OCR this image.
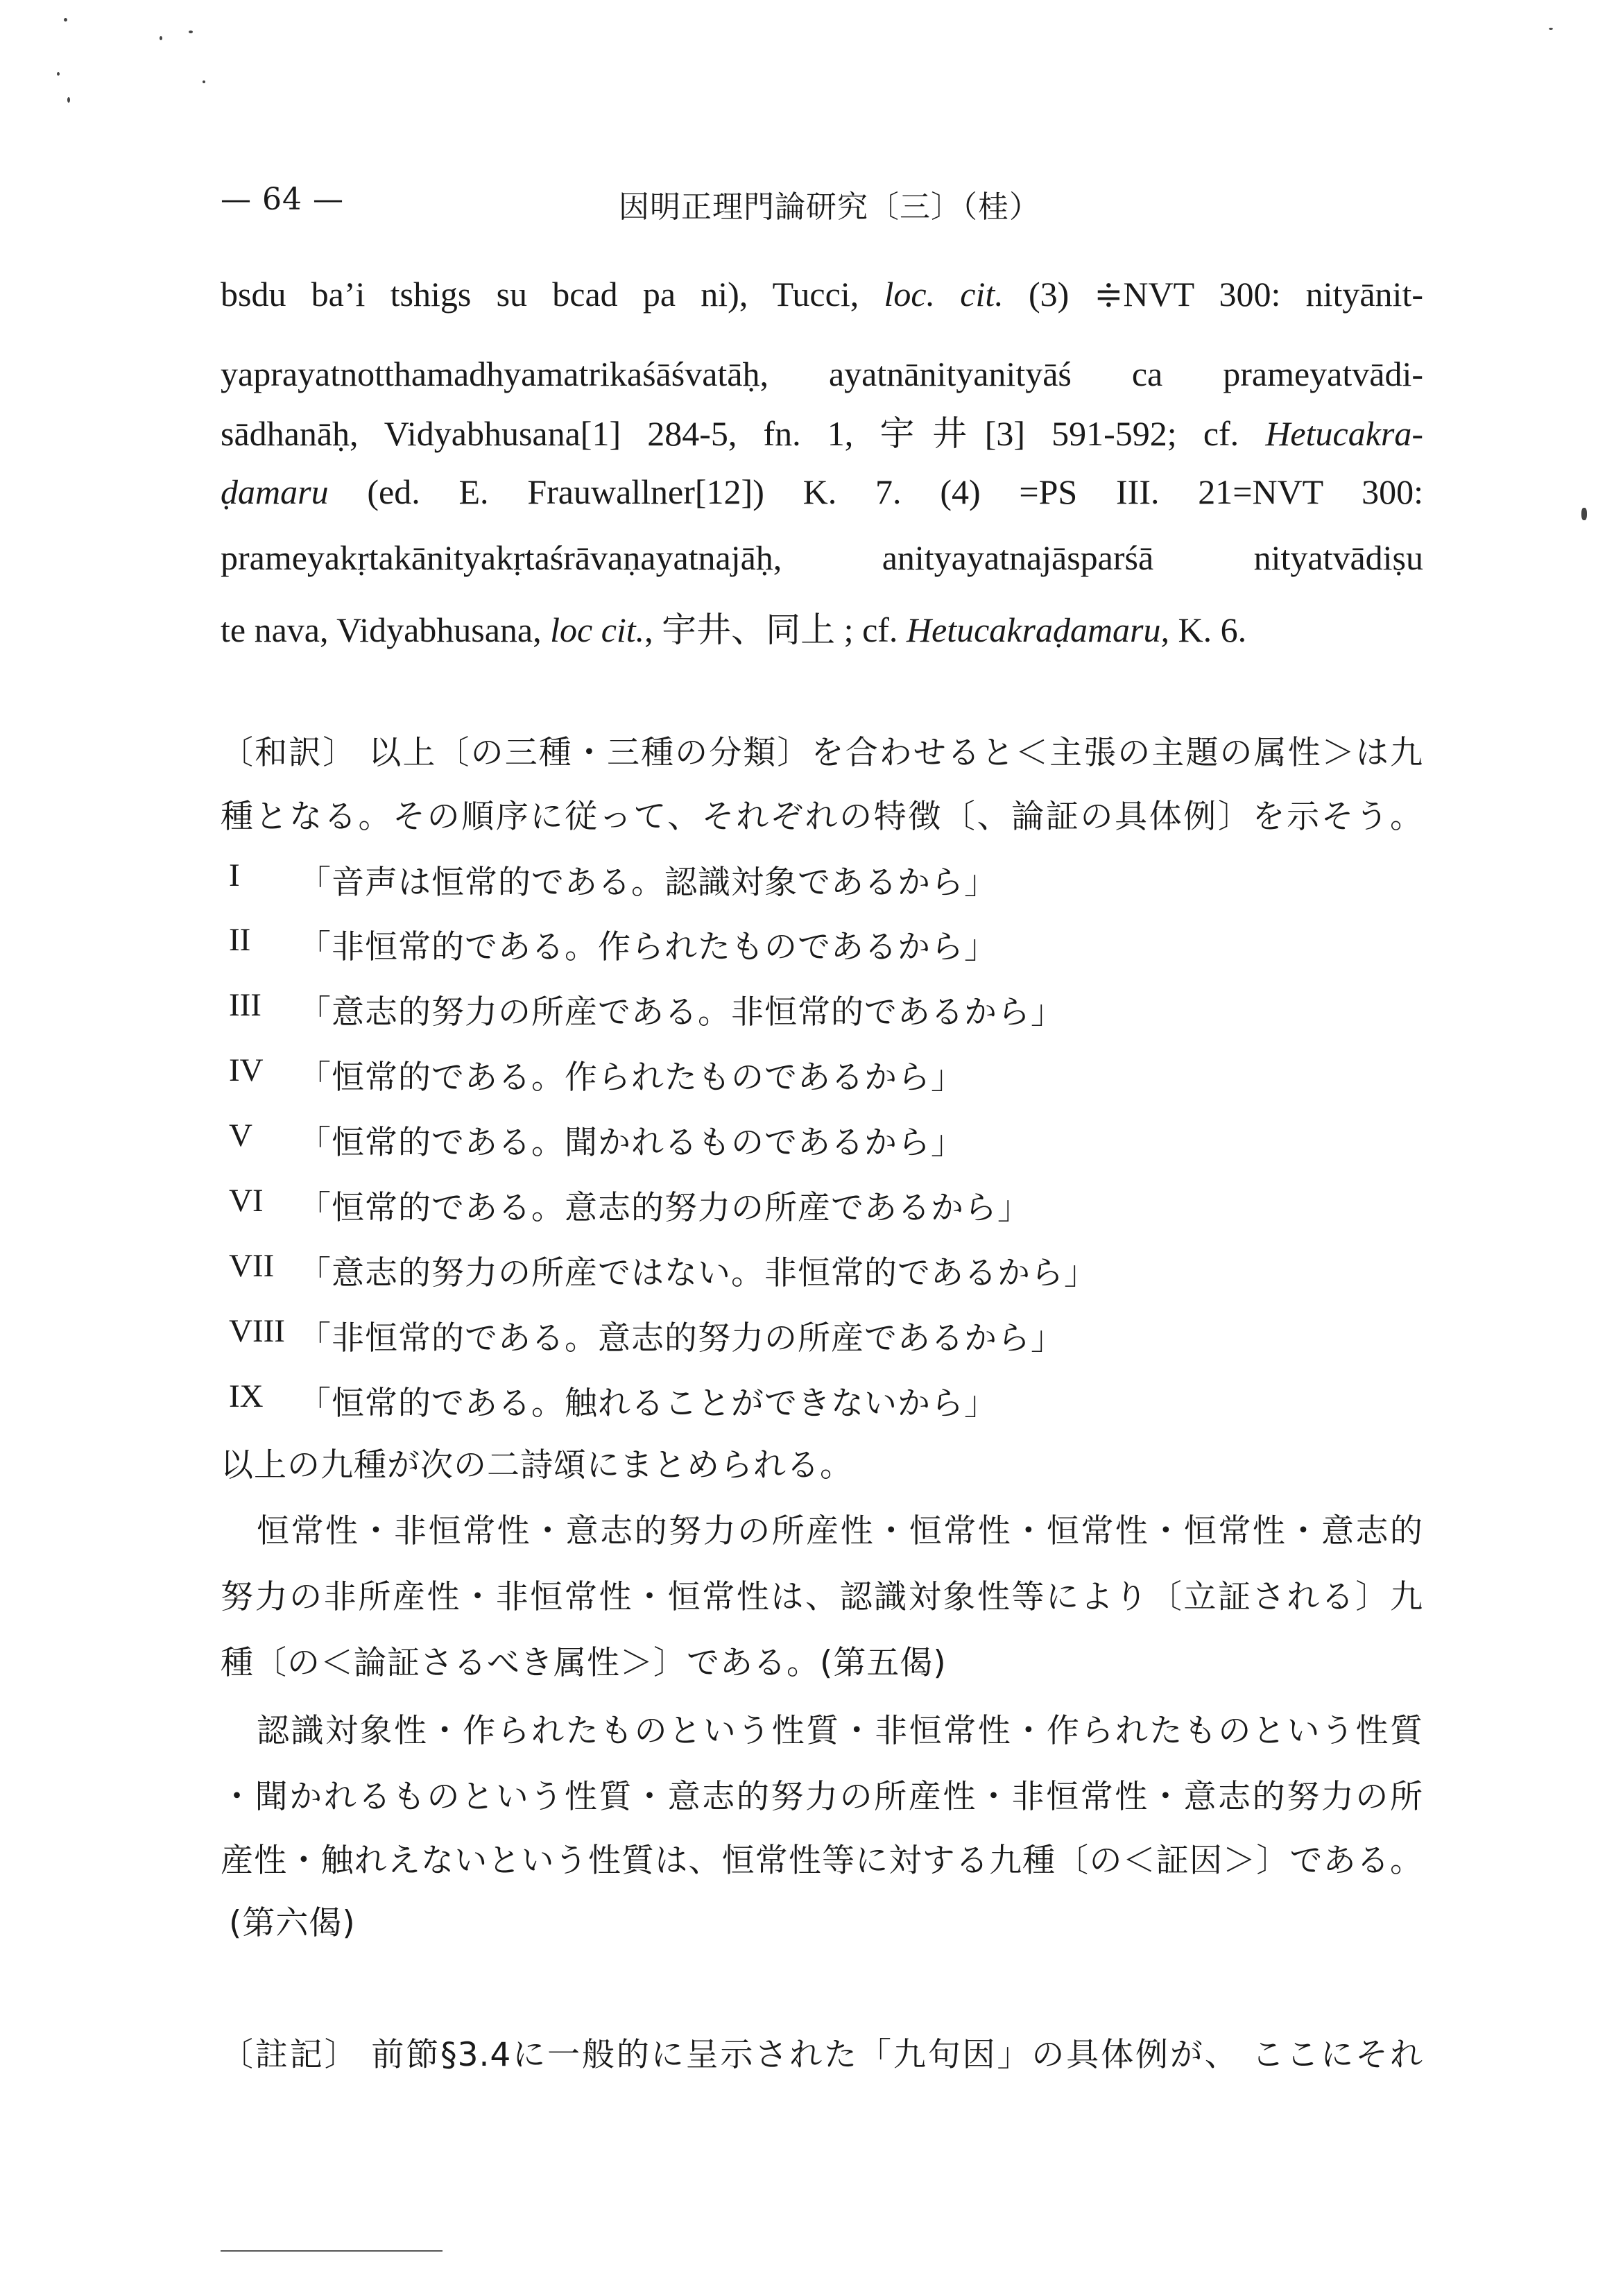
— 64 —	因明正理門論研究〔三〕（桂）
bsdu ba’i tshigs su bcad pa ni), Tucci, loc. cit. (3) ≑NVT 300: nityānit-
yaprayatnotthamadhyamatrikaśāśvatāḥ, ayatnānityanityāś ca prameyatvādi-
sādhanāḥ, Vidyabhusana[1] 284-5, fn. 1, 宇井[3] 591-592; cf. Hetucakra-
ḍamaru (ed. E. Frauwallner[12]) K. 7. (4) =PS III. 21=NVT 300:
prameyakṛtakānityakṛtaśrāvaṇayatnajāḥ, anityayatnajāsparśā nityatvādiṣu
te nava, Vidyabhusana, loc cit., 宇井、同上 ; cf. Hetucakraḍamaru, K. 6.
〔和訳〕 以上〔の三種・三種の分類〕を合わせると＜主張の主題の属性＞は九
種となる。その順序に従って、それぞれの特徴〔、論証の具体例〕を示そう。
I 「音声は恒常的である。認識対象であるから」
II 「非恒常的である。作られたものであるから」
III 「意志的努力の所産である。非恒常的であるから」
IV 「恒常的である。作られたものであるから」
V 「恒常的である。聞かれるものであるから」
VI 「恒常的である。意志的努力の所産であるから」
VII 「意志的努力の所産ではない。非恒常的であるから」
VIII 「非恒常的である。意志的努力の所産であるから」
IX 「恒常的である。触れることができないから」
以上の九種が次の二詩頌にまとめられる。
恒常性・非恒常性・意志的努力の所産性・恒常性・恒常性・恒常性・意志的
努力の非所産性・非恒常性・恒常性は、認識対象性等により〔立証される〕九
種〔の＜論証さるべき属性＞〕である。(第五偈)
認識対象性・作られたものという性質・非恒常性・作られたものという性質
・聞かれるものという性質・意志的努力の所産性・非恒常性・意志的努力の所
産性・触れえないという性質は、恒常性等に対する九種〔の＜証因＞〕である。
(第六偈)
〔註記〕 前節§3.4に一般的に呈示された「九句因」の具体例が、 ここにそれ
